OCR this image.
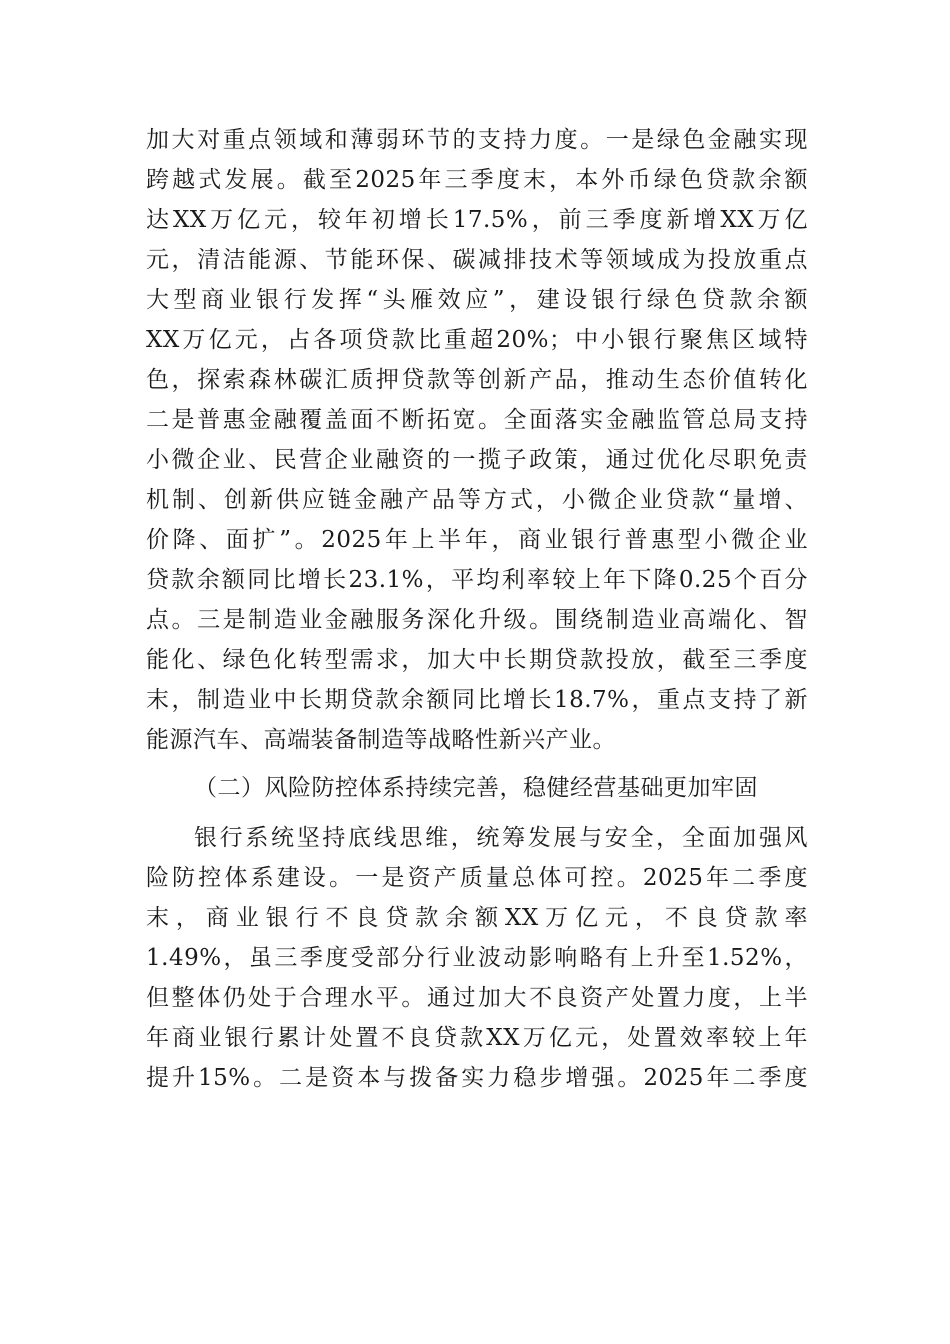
加大对重点领域和薄弱环节的支持力度。一是绿色金融实现
跨越式发展。截至2025年三季度末，本外币绿色贷款余额
达XX万亿元，较年初增长17.5%，前三季度新增XX万亿
元，清洁能源、节能环保、碳减排技术等领域成为投放重点
大型商业银行发挥“头雁效应”，建设银行绿色贷款余额
XX万亿元，占各项贷款比重超20%；中小银行聚焦区域特
色，探索森林碳汇质押贷款等创新产品，推动生态价值转化
二是普惠金融覆盖面不断拓宽。全面落实金融监管总局支持
小微企业、民营企业融资的一揽子政策，通过优化尽职免责
机制、创新供应链金融产品等方式，小微企业贷款“量增、
价降、面扩”。2025年上半年，商业银行普惠型小微企业
贷款余额同比增长23.1%，平均利率较上年下降0.25个百分
点。三是制造业金融服务深化升级。围绕制造业高端化、智
能化、绿色化转型需求，加大中长期贷款投放，截至三季度
末，制造业中长期贷款余额同比增长18.7%，重点支持了新
能源汽车、高端装备制造等战略性新兴产业。
（二）风险防控体系持续完善，稳健经营基础更加牢固
银行系统坚持底线思维，统筹发展与安全，全面加强风
险防控体系建设。一是资产质量总体可控。2025年二季度
末，商业银行不良贷款余额XX万亿元，不良贷款率
1.49%，虽三季度受部分行业波动影响略有上升至1.52%，
但整体仍处于合理水平。通过加大不良资产处置力度，上半
年商业银行累计处置不良贷款XX万亿元，处置效率较上年
提升15%。二是资本与拨备实力稳步增强。2025年二季度
